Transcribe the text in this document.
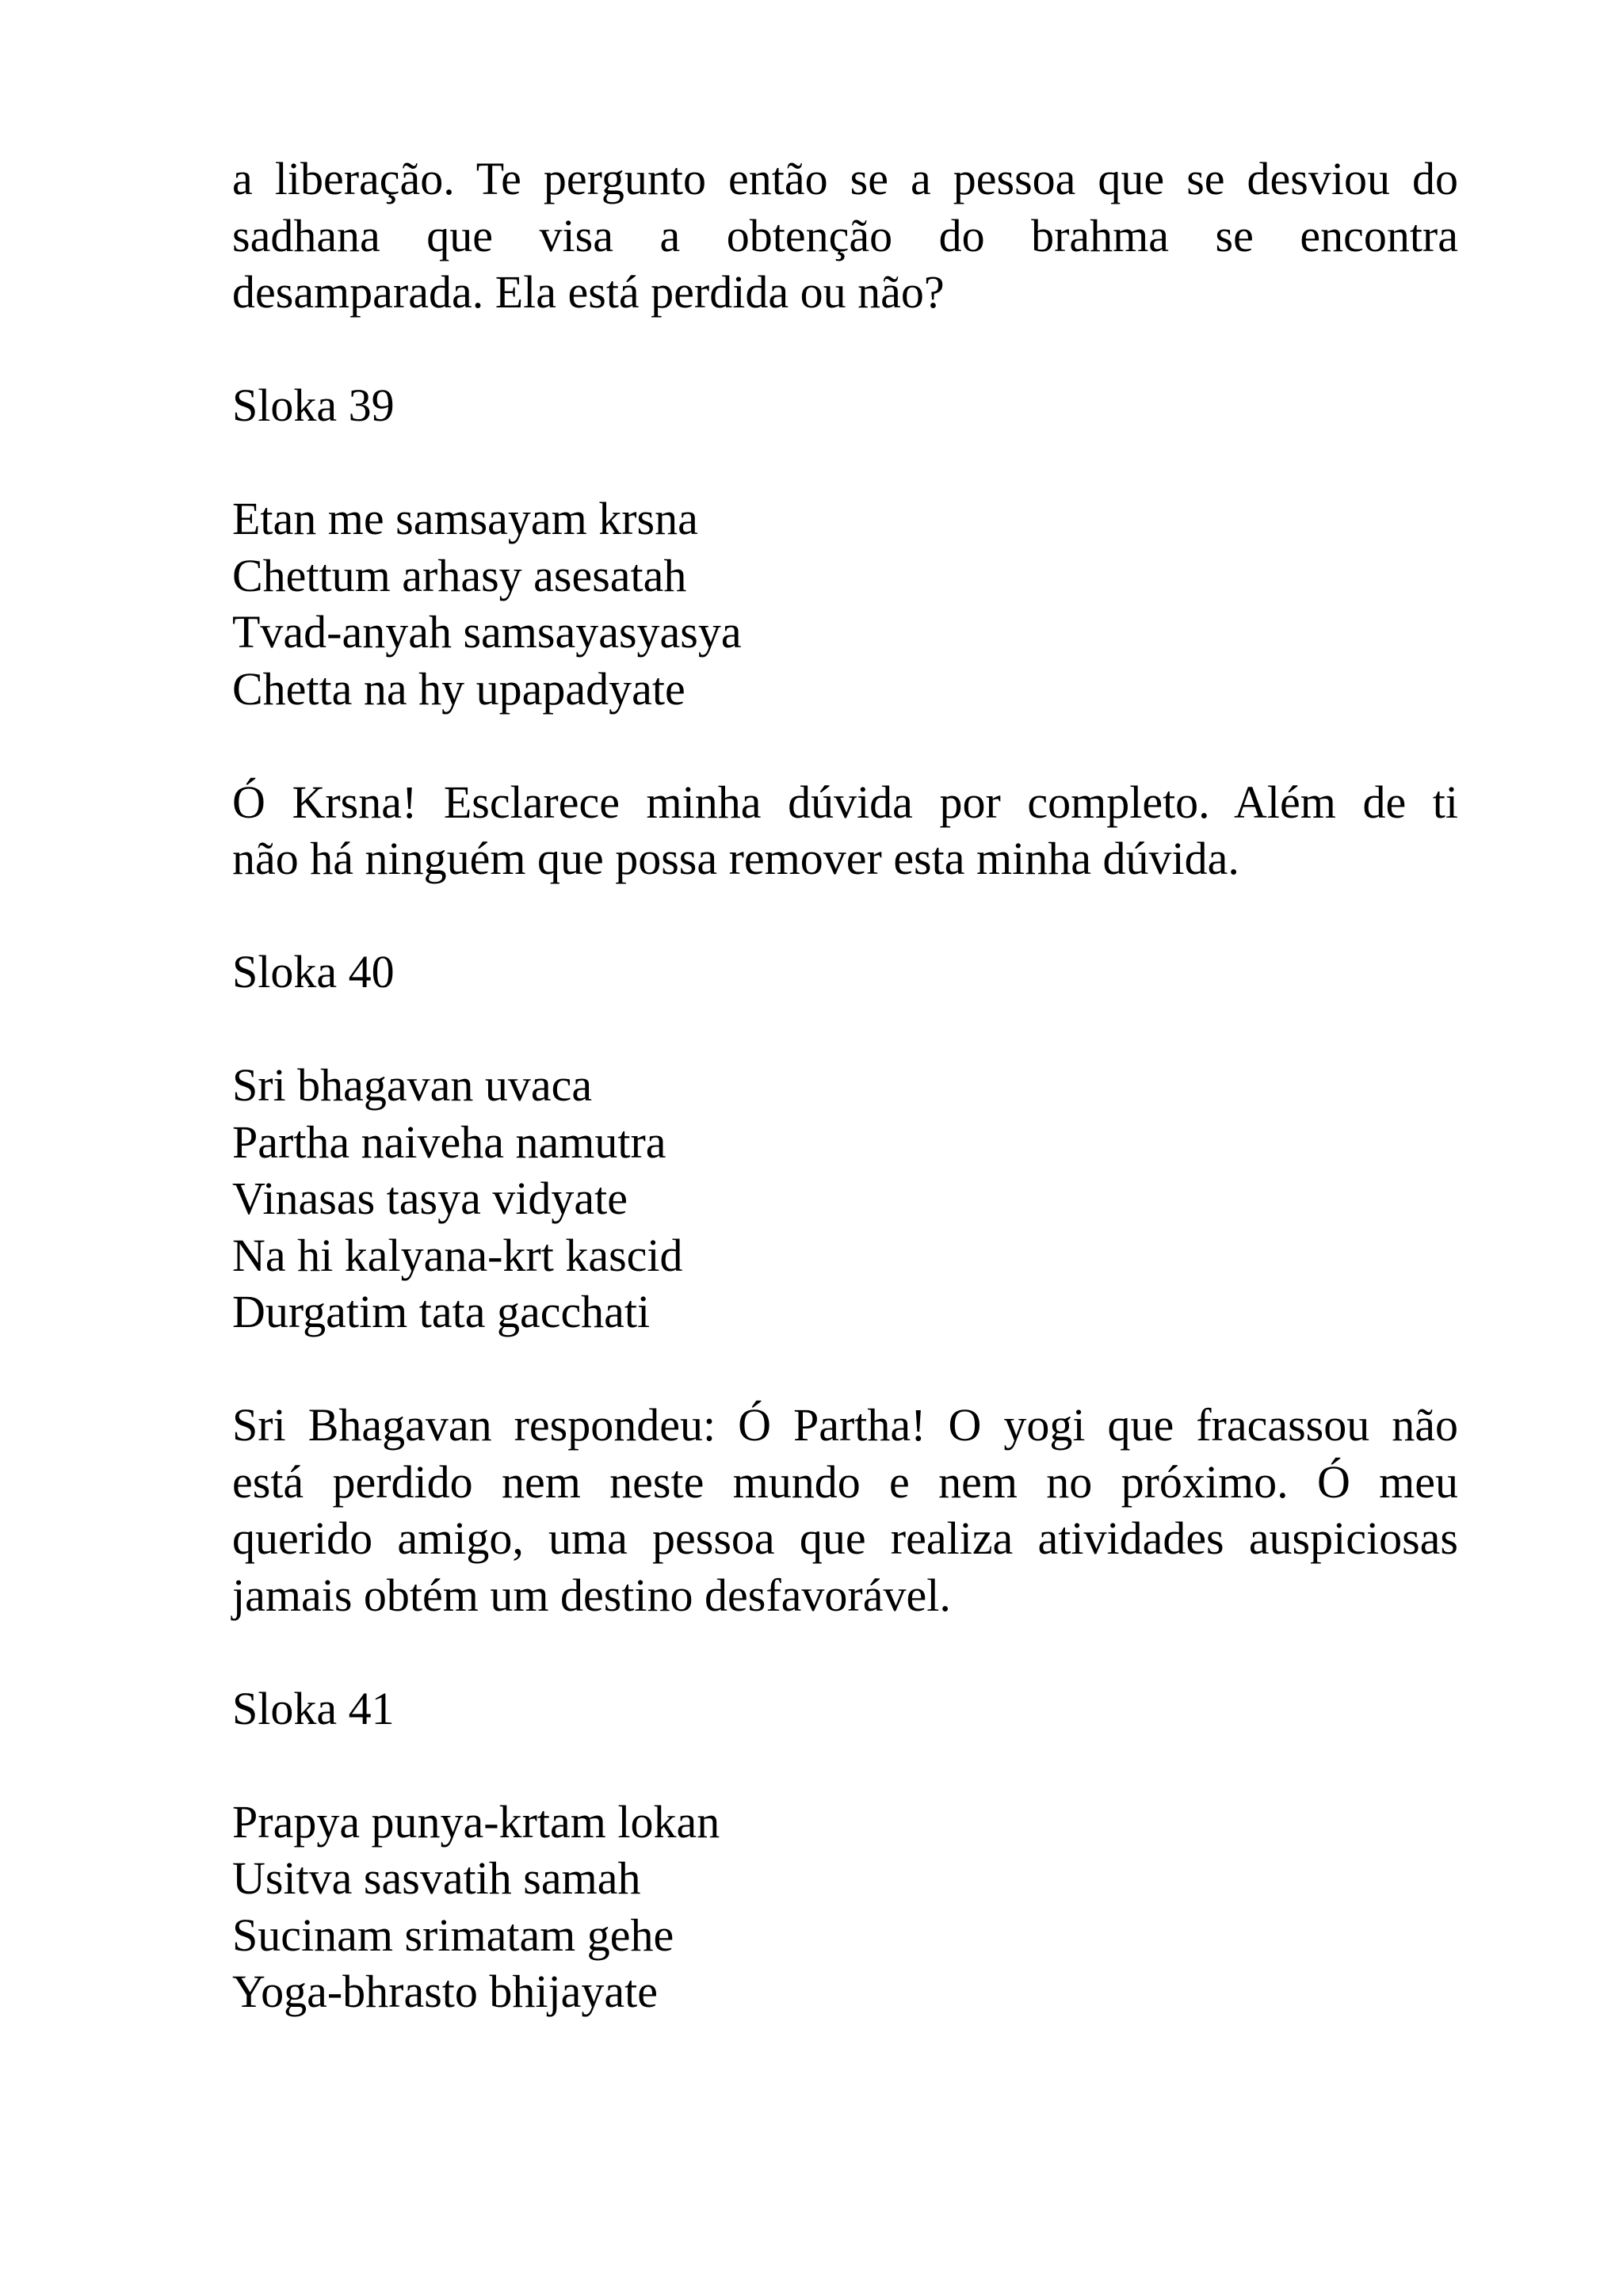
a liberação. Te pergunto então se a pessoa que se desviou do
sadhana que visa a obtenção do brahma se encontra
desamparada. Ela está perdida ou não?
Sloka 39
Etan me samsayam krsna
Chettum arhasy asesatah
Tvad-anyah samsayasyasya
Chetta na hy upapadyate
Ó Krsna! Esclarece minha dúvida por completo. Além de ti
não há ninguém que possa remover esta minha dúvida.
Sloka 40
Sri bhagavan uvaca
Partha naiveha namutra
Vinasas tasya vidyate
Na hi kalyana-krt kascid
Durgatim tata gacchati
Sri Bhagavan respondeu: Ó Partha! O yogi que fracassou não
está perdido nem neste mundo e nem no próximo. Ó meu
querido amigo, uma pessoa que realiza atividades auspiciosas
jamais obtém um destino desfavorável.
Sloka 41
Prapya punya-krtam lokan
Usitva sasvatih samah
Sucinam srimatam gehe
Yoga-bhrasto bhijayate
